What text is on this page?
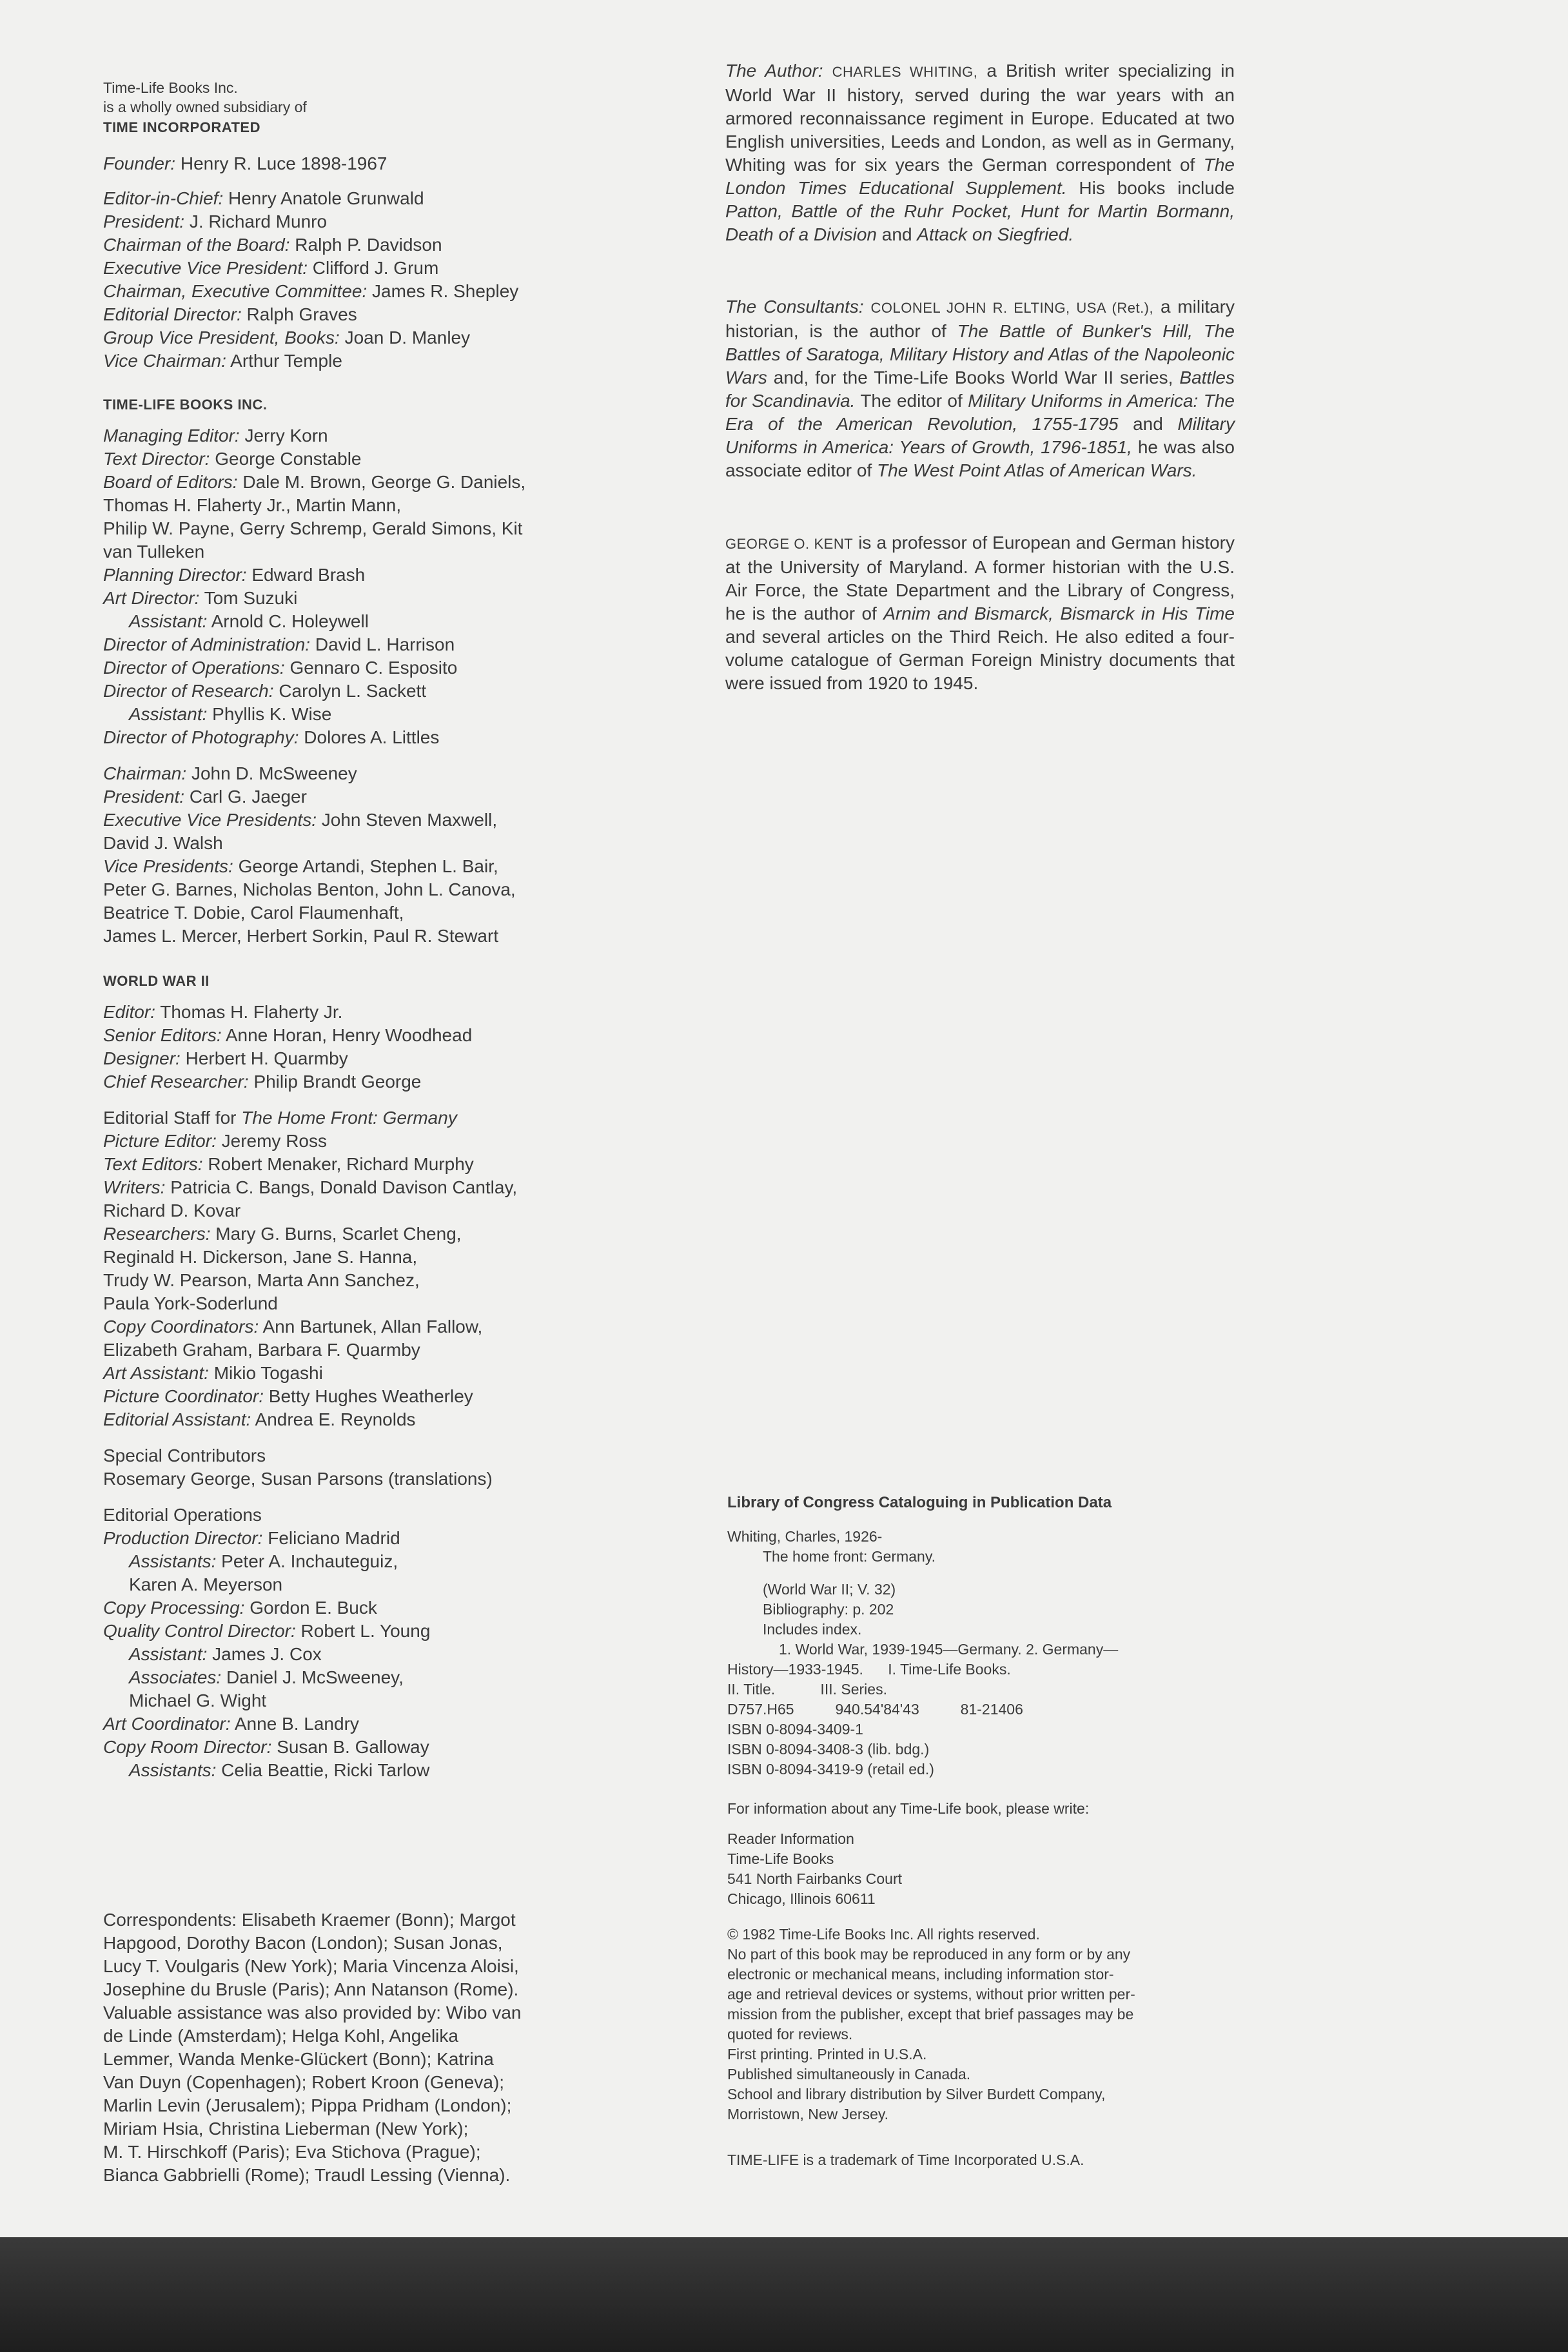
Time-Life Books Inc.
is a wholly owned subsidiary of
TIME INCORPORATED
Founder: Henry R. Luce 1898-1967
Editor-in-Chief: Henry Anatole Grunwald
President: J. Richard Munro
Chairman of the Board: Ralph P. Davidson
Executive Vice President: Clifford J. Grum
Chairman, Executive Committee: James R. Shepley
Editorial Director: Ralph Graves
Group Vice President, Books: Joan D. Manley
Vice Chairman: Arthur Temple
TIME-LIFE BOOKS INC.
Managing Editor: Jerry Korn
Text Director: George Constable
Board of Editors: Dale M. Brown, George G. Daniels,
Thomas H. Flaherty Jr., Martin Mann,
Philip W. Payne, Gerry Schremp, Gerald Simons, Kit
van Tulleken
Planning Director: Edward Brash
Art Director: Tom Suzuki
Assistant: Arnold C. Holeywell
Director of Administration: David L. Harrison
Director of Operations: Gennaro C. Esposito
Director of Research: Carolyn L. Sackett
Assistant: Phyllis K. Wise
Director of Photography: Dolores A. Littles
Chairman: John D. McSweeney
President: Carl G. Jaeger
Executive Vice Presidents: John Steven Maxwell,
David J. Walsh
Vice Presidents: George Artandi, Stephen L. Bair,
Peter G. Barnes, Nicholas Benton, John L. Canova,
Beatrice T. Dobie, Carol Flaumenhaft,
James L. Mercer, Herbert Sorkin, Paul R. Stewart
WORLD WAR II
Editor: Thomas H. Flaherty Jr.
Senior Editors: Anne Horan, Henry Woodhead
Designer: Herbert H. Quarmby
Chief Researcher: Philip Brandt George
Editorial Staff for The Home Front: Germany
Picture Editor: Jeremy Ross
Text Editors: Robert Menaker, Richard Murphy
Writers: Patricia C. Bangs, Donald Davison Cantlay,
Richard D. Kovar
Researchers: Mary G. Burns, Scarlet Cheng,
Reginald H. Dickerson, Jane S. Hanna,
Trudy W. Pearson, Marta Ann Sanchez,
Paula York-Soderlund
Copy Coordinators: Ann Bartunek, Allan Fallow,
Elizabeth Graham, Barbara F. Quarmby
Art Assistant: Mikio Togashi
Picture Coordinator: Betty Hughes Weatherley
Editorial Assistant: Andrea E. Reynolds
Special Contributors
Rosemary George, Susan Parsons (translations)
Editorial Operations
Production Director: Feliciano Madrid
Assistants: Peter A. Inchauteguiz,
Karen A. Meyerson
Copy Processing: Gordon E. Buck
Quality Control Director: Robert L. Young
Assistant: James J. Cox
Associates: Daniel J. McSweeney,
Michael G. Wight
Art Coordinator: Anne B. Landry
Copy Room Director: Susan B. Galloway
Assistants: Celia Beattie, Ricki Tarlow
Correspondents: Elisabeth Kraemer (Bonn); Margot
Hapgood, Dorothy Bacon (London); Susan Jonas,
Lucy T. Voulgaris (New York); Maria Vincenza Aloisi,
Josephine du Brusle (Paris); Ann Natanson (Rome).
Valuable assistance was also provided by: Wibo van
de Linde (Amsterdam); Helga Kohl, Angelika
Lemmer, Wanda Menke-Glückert (Bonn); Katrina
Van Duyn (Copenhagen); Robert Kroon (Geneva);
Marlin Levin (Jerusalem); Pippa Pridham (London);
Miriam Hsia, Christina Lieberman (New York);
M. T. Hirschkoff (Paris); Eva Stichova (Prague);
Bianca Gabbrielli (Rome); Traudl Lessing (Vienna).

The Author: CHARLES WHITING, a British writer specializing in World War II history, served during the war years with an armored reconnaissance regiment in Europe. Educated at two English universities, Leeds and London, as well as in Germany, Whiting was for six years the German correspondent of The London Times Educational Supplement. His books include Patton, Battle of the Ruhr Pocket, Hunt for Martin Bormann, Death of a Division and Attack on Siegfried.

The Consultants: COLONEL JOHN R. ELTING, USA (Ret.), a military historian, is the author of The Battle of Bunker's Hill, The Battles of Saratoga, Military History and Atlas of the Napoleonic Wars and, for the Time-Life Books World War II series, Battles for Scandinavia. The editor of Military Uniforms in America: The Era of the American Revolution, 1755-1795 and Military Uniforms in America: Years of Growth, 1796-1851, he was also associate editor of The West Point Atlas of American Wars.

GEORGE O. KENT is a professor of European and German history at the University of Maryland. A former historian with the U.S. Air Force, the State Department and the Library of Congress, he is the author of Arnim and Bismarck, Bismarck in His Time and several articles on the Third Reich. He also edited a four-volume catalogue of German Foreign Ministry documents that were issued from 1920 to 1945.

Library of Congress Cataloguing in Publication Data
Whiting, Charles, 1926-
The home front: Germany.
(World War II; V. 32)
Bibliography: p. 202
Includes index.
1. World War, 1939-1945—Germany. 2. Germany—
History—1933-1945.      I. Time-Life Books.
II. Title.           III. Series.
D757.H65          940.54'84'43          81-21406
ISBN 0-8094-3409-1
ISBN 0-8094-3408-3 (lib. bdg.)
ISBN 0-8094-3419-9 (retail ed.)
For information about any Time-Life book, please write:
Reader Information
Time-Life Books
541 North Fairbanks Court
Chicago, Illinois 60611
© 1982 Time-Life Books Inc. All rights reserved.
No part of this book may be reproduced in any form or by any
electronic or mechanical means, including information stor-
age and retrieval devices or systems, without prior written per-
mission from the publisher, except that brief passages may be
quoted for reviews.
First printing. Printed in U.S.A.
Published simultaneously in Canada.
School and library distribution by Silver Burdett Company,
Morristown, New Jersey.
TIME-LIFE is a trademark of Time Incorporated U.S.A.
